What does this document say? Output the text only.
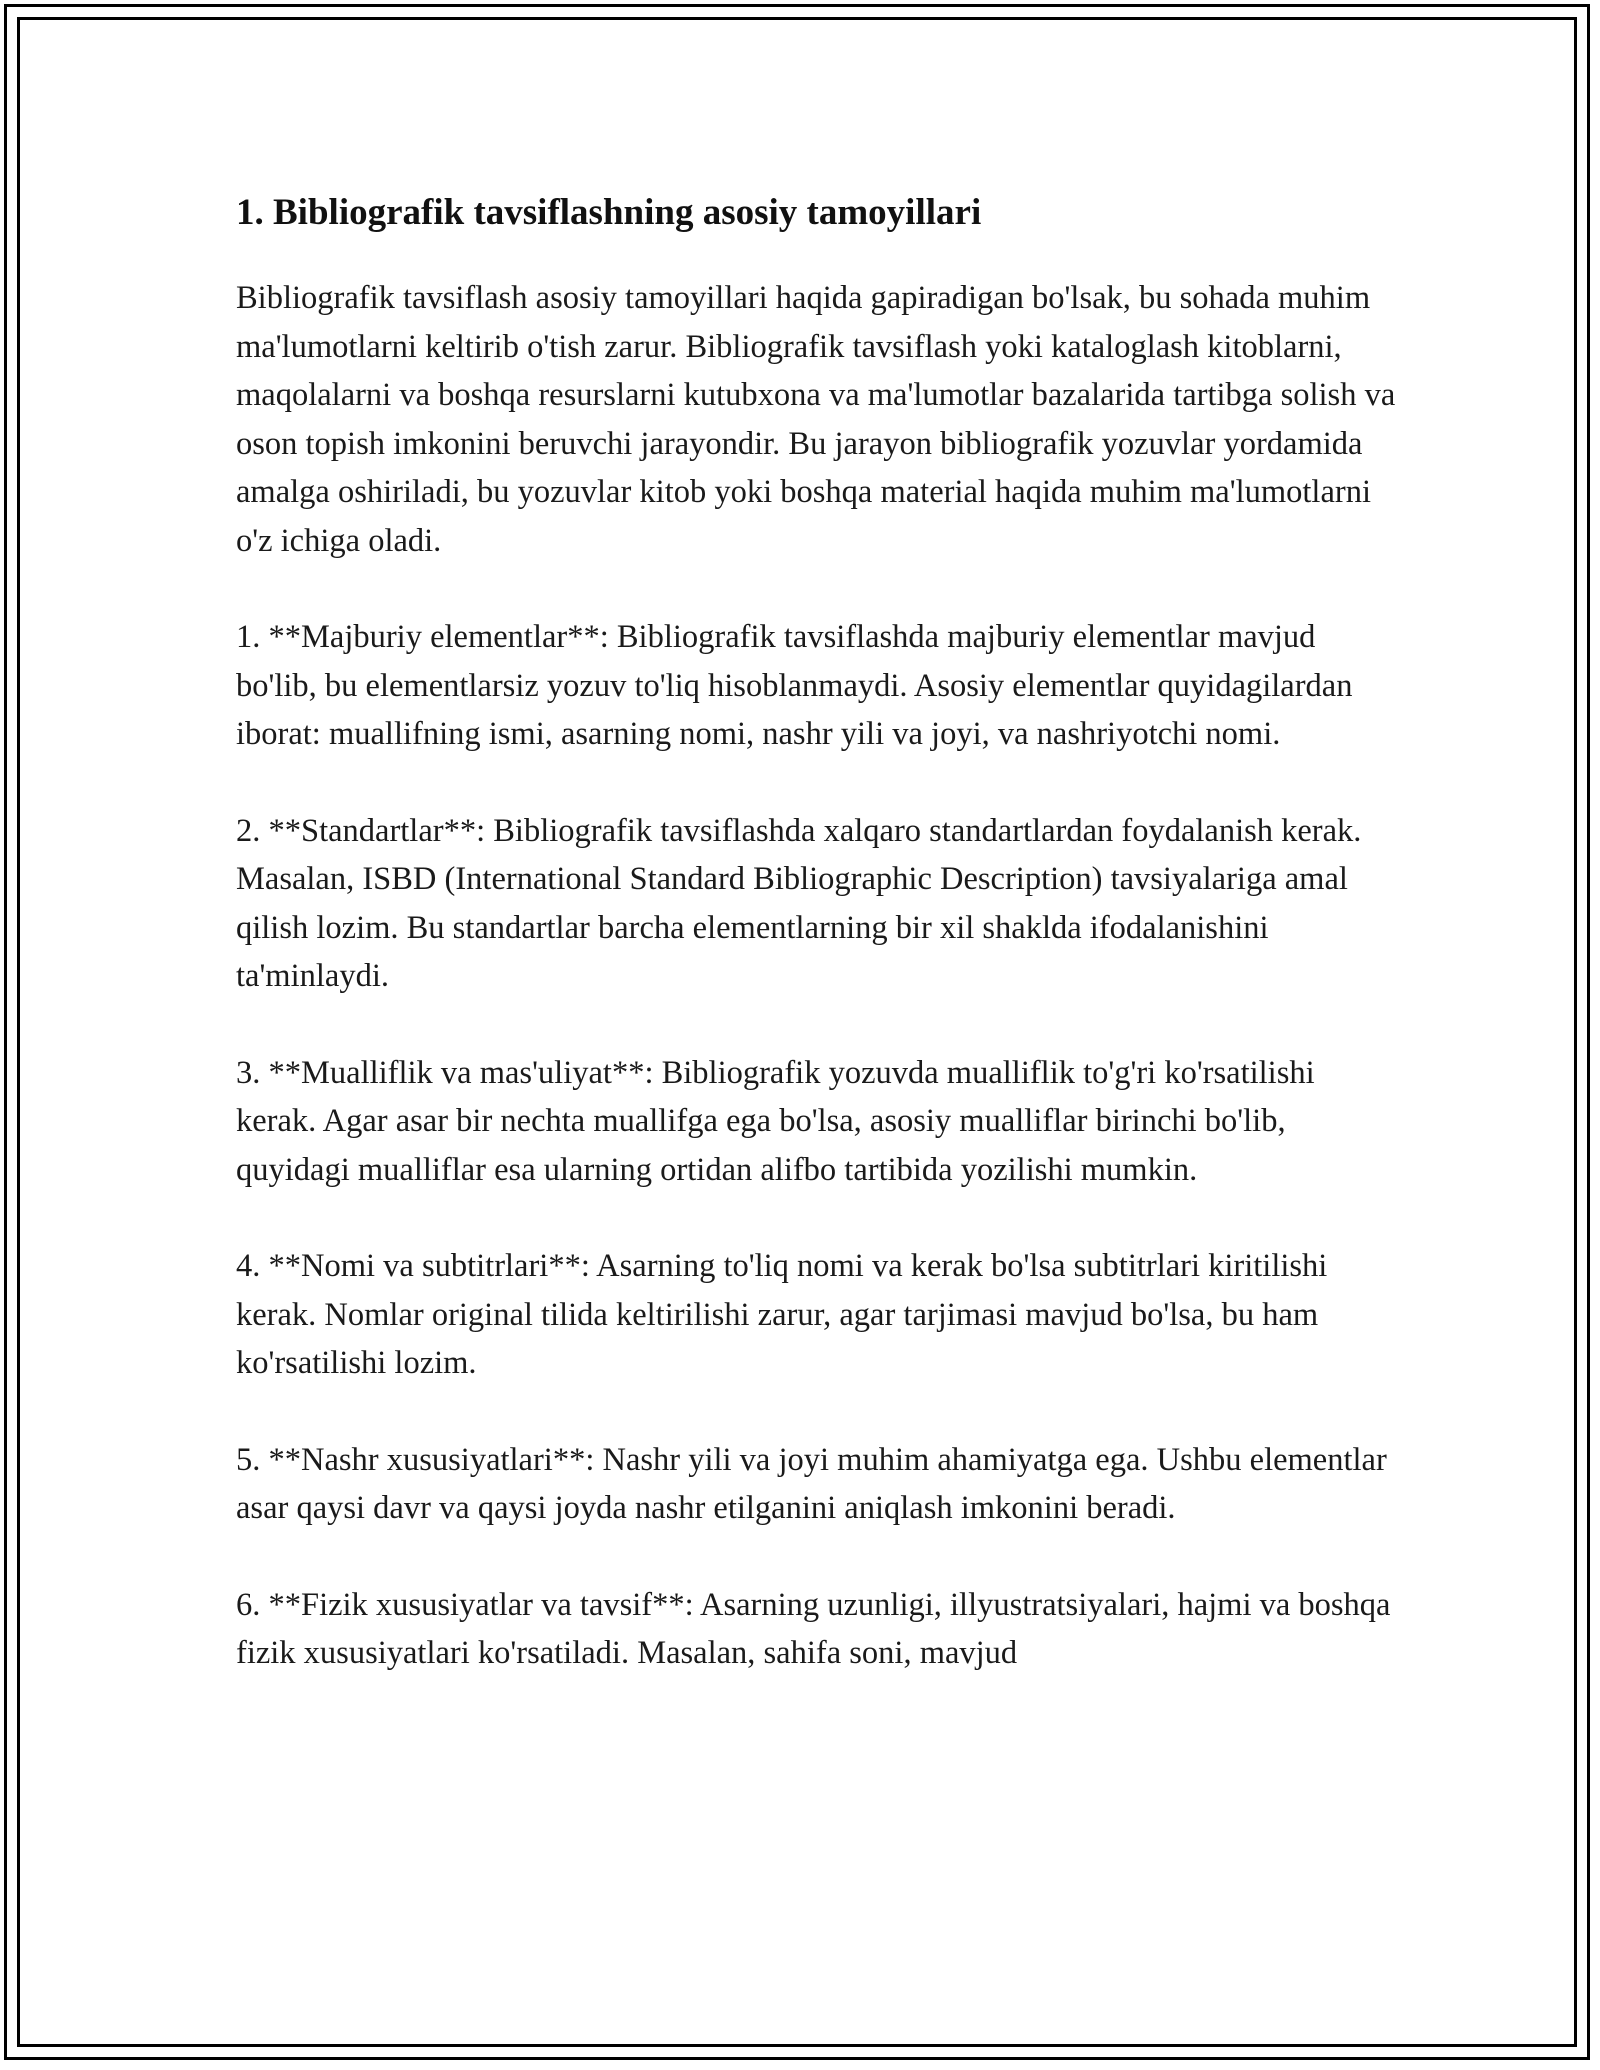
1. Bibliografik tavsiflashning asosiy tamoyillari

Bibliografik tavsiflash asosiy tamoyillari haqida gapiradigan bo'lsak, bu sohada muhim ma'lumotlarni keltirib o'tish zarur. Bibliografik tavsiflash yoki kataloglash kitoblarni, maqolalarni va boshqa resurslarni kutubxona va ma'lumotlar bazalarida tartibga solish va oson topish imkonini beruvchi jarayondir. Bu jarayon bibliografik yozuvlar yordamida amalga oshiriladi, bu yozuvlar kitob yoki boshqa material haqida muhim ma'lumotlarni o'z ichiga oladi.

1. **Majburiy elementlar**: Bibliografik tavsiflashda majburiy elementlar mavjud bo'lib, bu elementlarsiz yozuv to'liq hisoblanmaydi. Asosiy elementlar quyidagilardan iborat: muallifning ismi, asarning nomi, nashr yili va joyi, va nashriyotchi nomi.

2. **Standartlar**: Bibliografik tavsiflashda xalqaro standartlardan foydalanish kerak. Masalan, ISBD (International Standard Bibliographic Description) tavsiyalariga amal qilish lozim. Bu standartlar barcha elementlarning bir xil shaklda ifodalanishini ta'minlaydi.

3. **Mualliflik va mas'uliyat**: Bibliografik yozuvda mualliflik to'g'ri ko'rsatilishi kerak. Agar asar bir nechta muallifga ega bo'lsa, asosiy mualliflar birinchi bo'lib, quyidagi mualliflar esa ularning ortidan alifbo tartibida yozilishi mumkin.

4. **Nomi va subtitrlari**: Asarning to'liq nomi va kerak bo'lsa subtitrlari kiritilishi kerak. Nomlar original tilida keltirilishi zarur, agar tarjimasi mavjud bo'lsa, bu ham ko'rsatilishi lozim.

5. **Nashr xususiyatlari**: Nashr yili va joyi muhim ahamiyatga ega. Ushbu elementlar asar qaysi davr va qaysi joyda nashr etilganini aniqlash imkonini beradi.

6. **Fizik xususiyatlar va tavsif**: Asarning uzunligi, illyustratsiyalari, hajmi va boshqa fizik xususiyatlari ko'rsatiladi. Masalan, sahifa soni, mavjud
